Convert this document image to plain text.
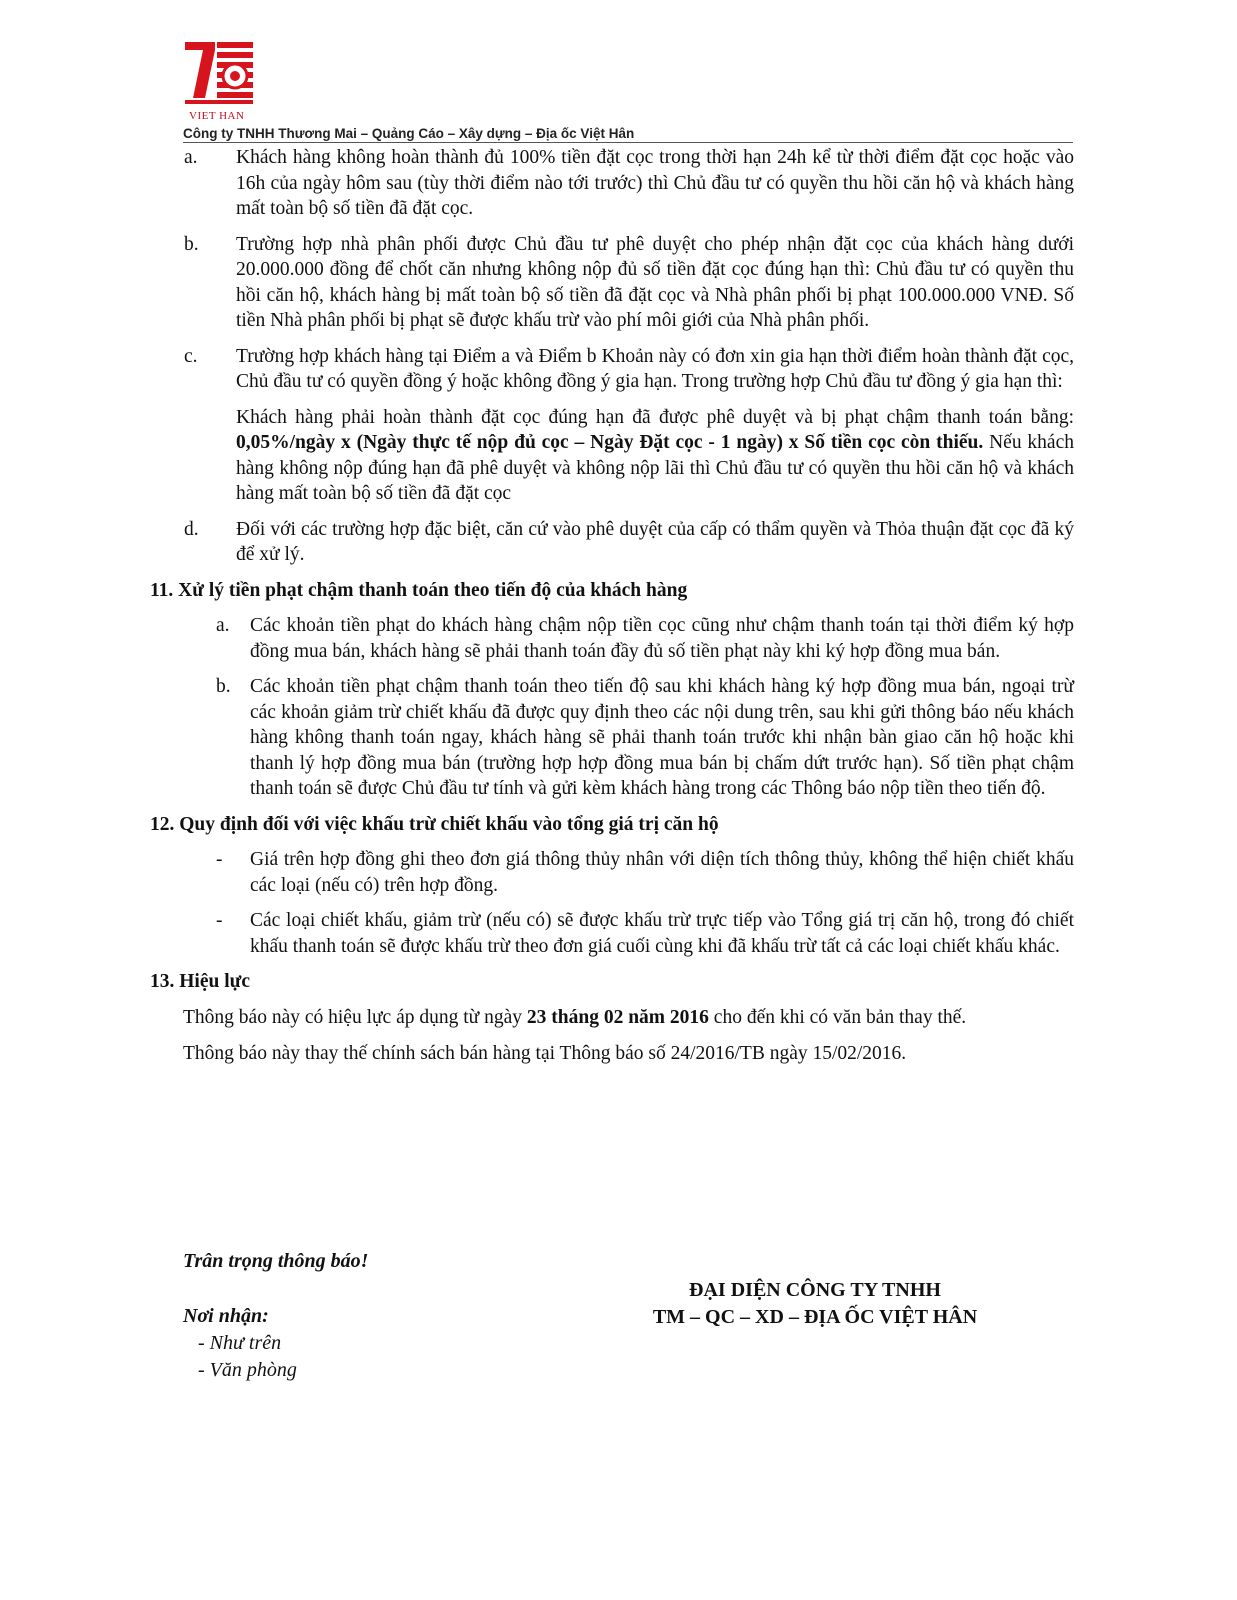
VIET HAN
Công ty TNHH Thương Mai – Quảng Cáo – Xây dựng – Địa ốc Việt Hân
a.	Khách hàng không hoàn thành đủ 100% tiền đặt cọc trong thời hạn 24h kể từ thời điểm đặt cọc hoặc vào 16h của ngày hôm sau (tùy thời điểm nào tới trước) thì Chủ đầu tư có quyền thu hồi căn hộ và khách hàng mất toàn bộ số tiền đã đặt cọc.
b.	Trường hợp nhà phân phối được Chủ đầu tư phê duyệt cho phép nhận đặt cọc của khách hàng dưới 20.000.000 đồng để chốt căn nhưng không nộp đủ số tiền đặt cọc đúng hạn thì: Chủ đầu tư có quyền thu hồi căn hộ, khách hàng bị mất toàn bộ số tiền đã đặt cọc và Nhà phân phối bị phạt 100.000.000 VNĐ. Số tiền Nhà phân phối bị phạt sẽ được khấu trừ vào phí môi giới của Nhà phân phối.
c.	Trường hợp khách hàng tại Điểm a và Điểm b Khoản này có đơn xin gia hạn thời điểm hoàn thành đặt cọc, Chủ đầu tư có quyền đồng ý hoặc không đồng ý gia hạn. Trong trường hợp Chủ đầu tư đồng ý gia hạn thì:
Khách hàng phải hoàn thành đặt cọc đúng hạn đã được phê duyệt và bị phạt chậm thanh toán bằng: 0,05%/ngày x (Ngày thực tế nộp đủ cọc – Ngày Đặt cọc - 1 ngày) x Số tiền cọc còn thiếu. Nếu khách hàng không nộp đúng hạn đã phê duyệt và không nộp lãi thì Chủ đầu tư có quyền thu hồi căn hộ và khách hàng mất toàn bộ số tiền đã đặt cọc
d.	Đối với các trường hợp đặc biệt, căn cứ vào phê duyệt của cấp có thẩm quyền và Thỏa thuận đặt cọc đã ký để xử lý.
11. Xử lý tiền phạt chậm thanh toán theo tiến độ của khách hàng
a.	Các khoản tiền phạt do khách hàng chậm nộp tiền cọc cũng như chậm thanh toán tại thời điểm ký hợp đồng mua bán, khách hàng sẽ phải thanh toán đầy đủ số tiền phạt này khi ký hợp đồng mua bán.
b. Các khoản tiền phạt chậm thanh toán theo tiến độ sau khi khách hàng ký hợp đồng mua bán, ngoại trừ các khoản giảm trừ chiết khấu đã được quy định theo các nội dung trên, sau khi gửi thông báo nếu khách hàng không thanh toán ngay, khách hàng sẽ phải thanh toán trước khi nhận bàn giao căn hộ hoặc khi thanh lý hợp đồng mua bán (trường hợp hợp đồng mua bán bị chấm dứt trước hạn). Số tiền phạt chậm thanh toán sẽ được Chủ đầu tư tính và gửi kèm khách hàng trong các Thông báo nộp tiền theo tiến độ.
12. Quy định đối với việc khấu trừ chiết khấu vào tổng giá trị căn hộ
-	Giá trên hợp đồng ghi theo đơn giá thông thủy nhân với diện tích thông thủy, không thể hiện chiết khấu các loại (nếu có) trên hợp đồng.
-	Các loại chiết khấu, giảm trừ (nếu có) sẽ được khấu trừ trực tiếp vào Tổng giá trị căn hộ, trong đó chiết khấu thanh toán sẽ được khấu trừ theo đơn giá cuối cùng khi đã khấu trừ tất cả các loại chiết khấu khác.
13. Hiệu lực
Thông báo này có hiệu lực áp dụng từ ngày 23 tháng 02 năm 2016 cho đến khi có văn bản thay thế.
Thông báo này thay thế chính sách bán hàng tại Thông báo số 24/2016/TB ngày 15/02/2016.
Trân trọng thông báo!
ĐẠI DIỆN CÔNG TY TNHH
TM – QC – XD – ĐỊA ỐC VIỆT HÂN
Nơi nhận:
- Như trên
- Văn phòng
